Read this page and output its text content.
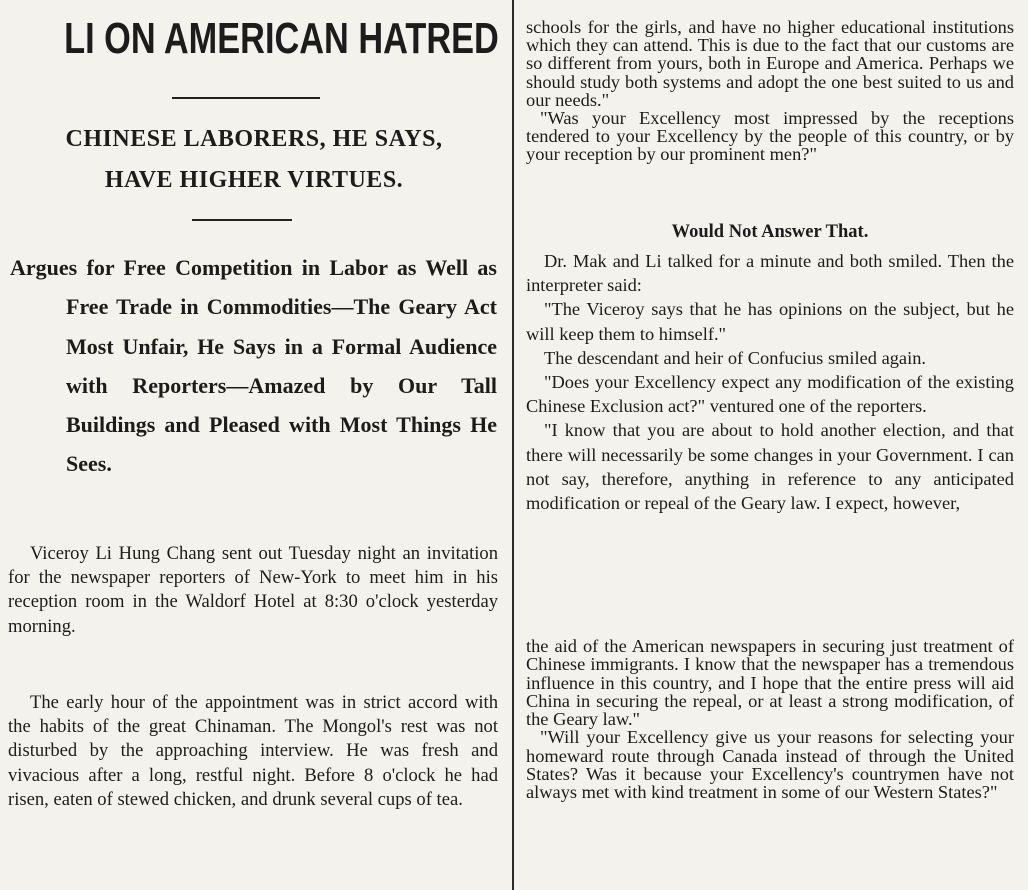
LI ON AMERICAN HATRED
CHINESE LABORERS, HE SAYS,
HAVE HIGHER VIRTUES.

Argues for Free Competition in Labor as Well as Free Trade in Commodities—The Geary Act Most Unfair, He Says in a Formal Audience with Reporters—Amazed by Our Tall Buildings and Pleased with Most Things He Sees.

Viceroy Li Hung Chang sent out Tuesday night an invitation for the newspaper reporters of New-York to meet him in his reception room in the Waldorf Hotel at 8:30 o'clock yesterday morning.

The early hour of the appointment was in strict accord with the habits of the great Chinaman. The Mongol's rest was not disturbed by the approaching interview. He was fresh and vivacious after a long, restful night. Before 8 o'clock he had risen, eaten of stewed chicken, and drunk several cups of tea.

schools for the girls, and have no higher educational institutions which they can attend. This is due to the fact that our customs are so different from yours, both in Europe and America. Perhaps we should study both systems and adopt the one best suited to us and our needs."

"Was your Excellency most impressed by the receptions tendered to your Excellency by the people of this country, or by your reception by our prominent men?"

Would Not Answer That.

Dr. Mak and Li talked for a minute and both smiled. Then the interpreter said:

"The Viceroy says that he has opinions on the subject, but he will keep them to himself."

The descendant and heir of Confucius smiled again.

"Does your Excellency expect any modification of the existing Chinese Exclusion act?" ventured one of the reporters.

"I know that you are about to hold another election, and that there will necessarily be some changes in your Government. I can not say, therefore, anything in reference to any anticipated modification or repeal of the Geary law. I expect, however,

the aid of the American newspapers in securing just treatment of Chinese immigrants. I know that the newspaper has a tremendous influence in this country, and I hope that the entire press will aid China in securing the repeal, or at least a strong modification, of the Geary law."

"Will your Excellency give us your reasons for selecting your homeward route through Canada instead of through the United States? Was it because your Excellency's countrymen have not always met with kind treatment in some of our Western States?"
